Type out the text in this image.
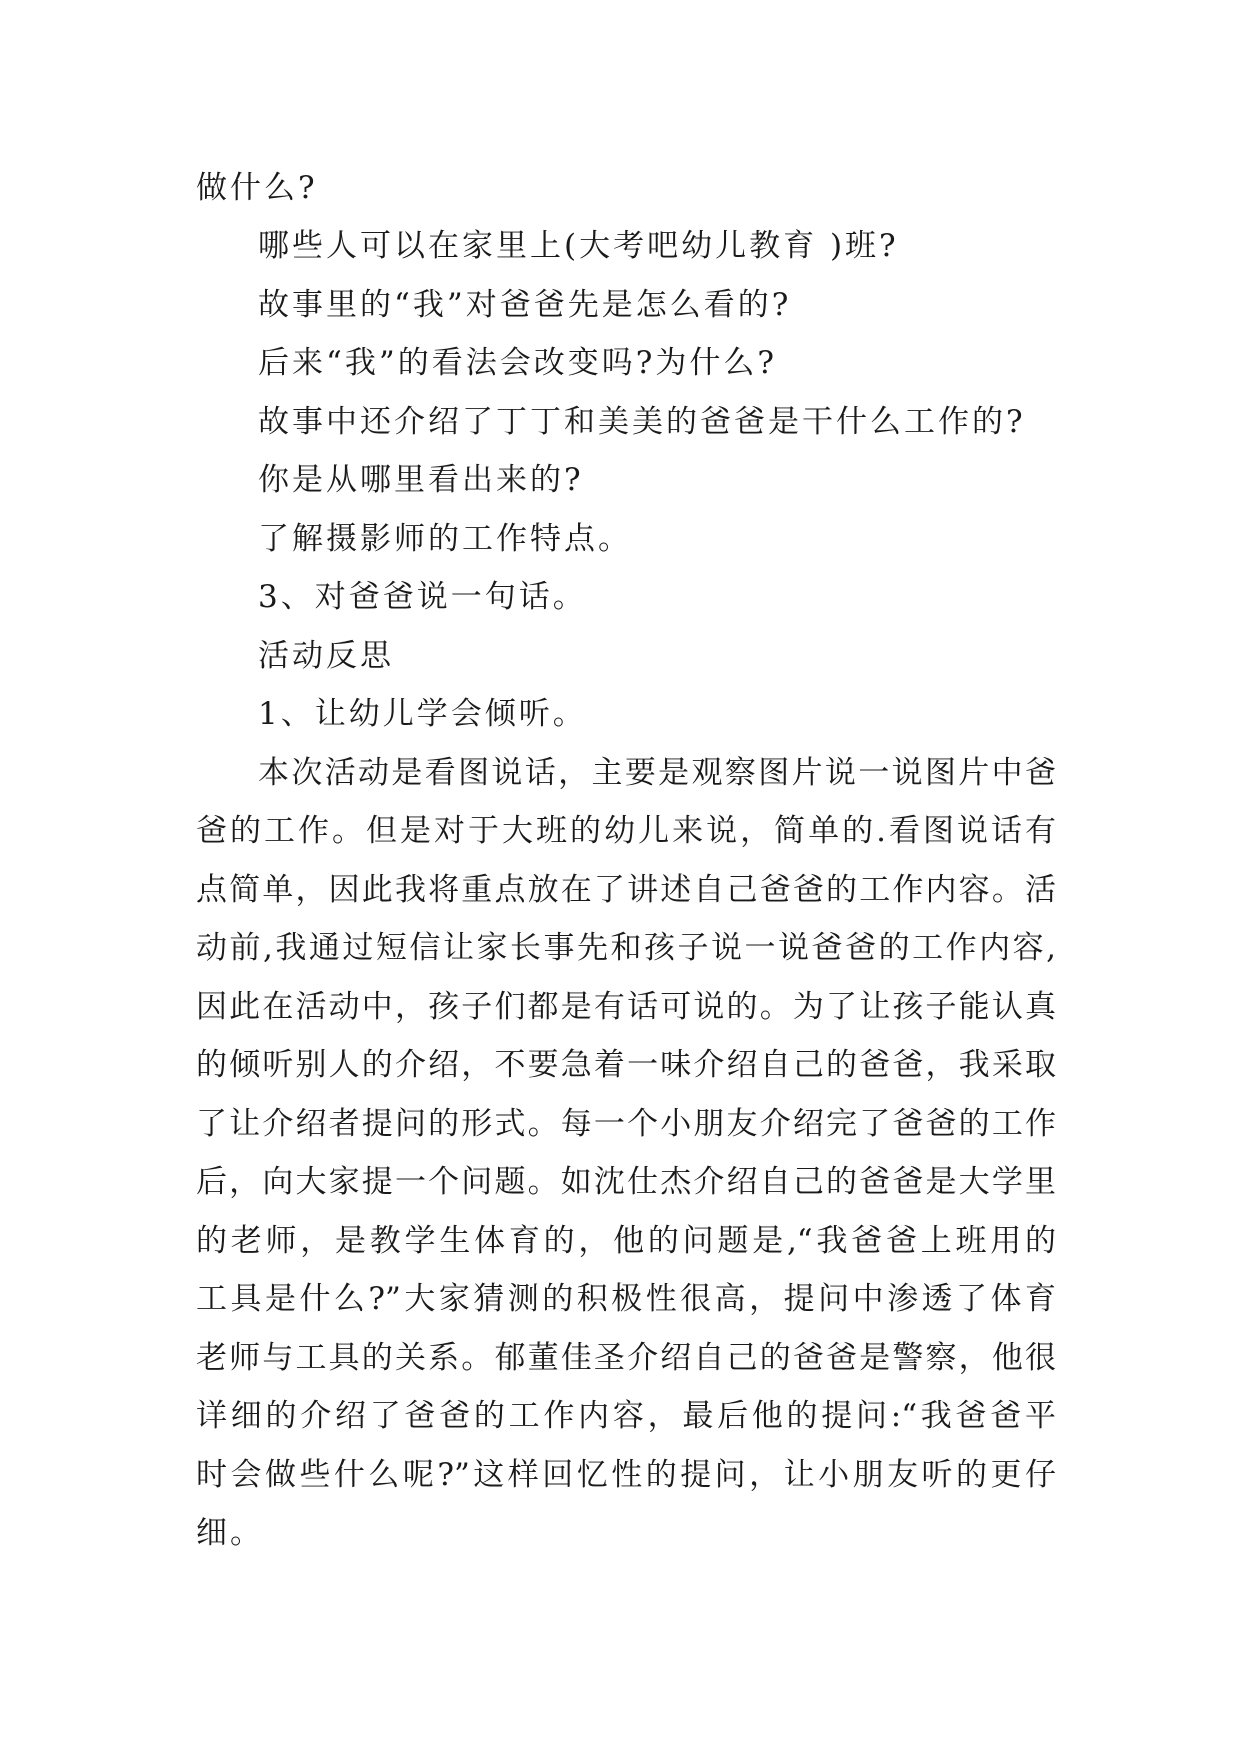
做什么?
哪些人可以在家里上(大考吧幼儿教育 )班?
故事里的“我”对爸爸先是怎么看的?
后来“我”的看法会改变吗?为什么?
故事中还介绍了丁丁和美美的爸爸是干什么工作的?
你是从哪里看出来的?
了解摄影师的工作特点。
3、对爸爸说一句话。
活动反思
1、让幼儿学会倾听。
本次活动是看图说话，主要是观察图片说一说图片中爸
爸的工作。但是对于大班的幼儿来说，简单的.看图说话有
点简单，因此我将重点放在了讲述自己爸爸的工作内容。活
动前,我通过短信让家长事先和孩子说一说爸爸的工作内容,
因此在活动中，孩子们都是有话可说的。为了让孩子能认真
的倾听别人的介绍，不要急着一味介绍自己的爸爸，我采取
了让介绍者提问的形式。每一个小朋友介绍完了爸爸的工作
后，向大家提一个问题。如沈仕杰介绍自己的爸爸是大学里
的老师，是教学生体育的，他的问题是,“我爸爸上班用的
工具是什么?”大家猜测的积极性很高，提问中渗透了体育
老师与工具的关系。郁董佳圣介绍自己的爸爸是警察，他很
详细的介绍了爸爸的工作内容，最后他的提问:“我爸爸平
时会做些什么呢?”这样回忆性的提问，让小朋友听的更仔
细。
